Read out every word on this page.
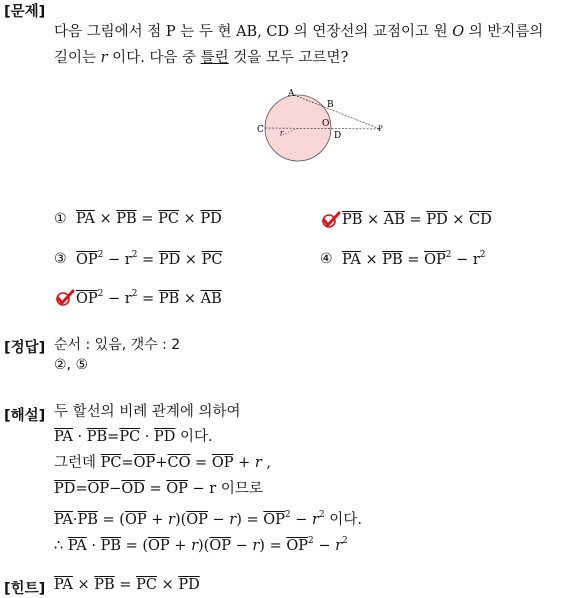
[문제]
[정답]
[해설]
[힌트]
다음 그림에서 점 P 는 두 현 AB, CD 의 연장선의 교점이고 원 O 의 반지름의
길이는 r 이다. 다음 중 틀린 것을 모두 고르면?
A
B
C
O
D
P
r
① $\overline{PA} \times \overline{PB} = \overline{PC} \times \overline{PD}$	$\overline{PB} \times \overline{AB} = \overline{PD} \times \overline{CD}$
③ $\overline{OP}^2 - r^2 = \overline{PD} \times \overline{PC}$	④ $\overline{PA} \times \overline{PB} = \overline{OP}^2 - r^2$
$\overline{OP}^2 - r^2 = \overline{PB} \times \overline{AB}$
순서 : 있음, 갯수 : 2
②, ⑤
두 할선의 비례 관계에 의하여
$\overline{PA} \cdot \overline{PB}=\overline{PC} \cdot \overline{PD}$ 이다.
그런데 $\overline{PC}=\overline{OP}+\overline{CO} = \overline{OP} + r$ ,
$\overline{PD}=\overline{OP}-\overline{OD} = \overline{OP} - r$ 이므로
$\overline{PA}\cdot\overline{PB} = (\overline{OP} + r)(\overline{OP} - r) = \overline{OP}^2 - r^2$ 이다.
∴ $\overline{PA} \cdot \overline{PB} = (\overline{OP} + r)(\overline{OP} - r) = \overline{OP}^2 - r^2$
$\overline{PA} \times \overline{PB} = \overline{PC} \times \overline{PD}$
